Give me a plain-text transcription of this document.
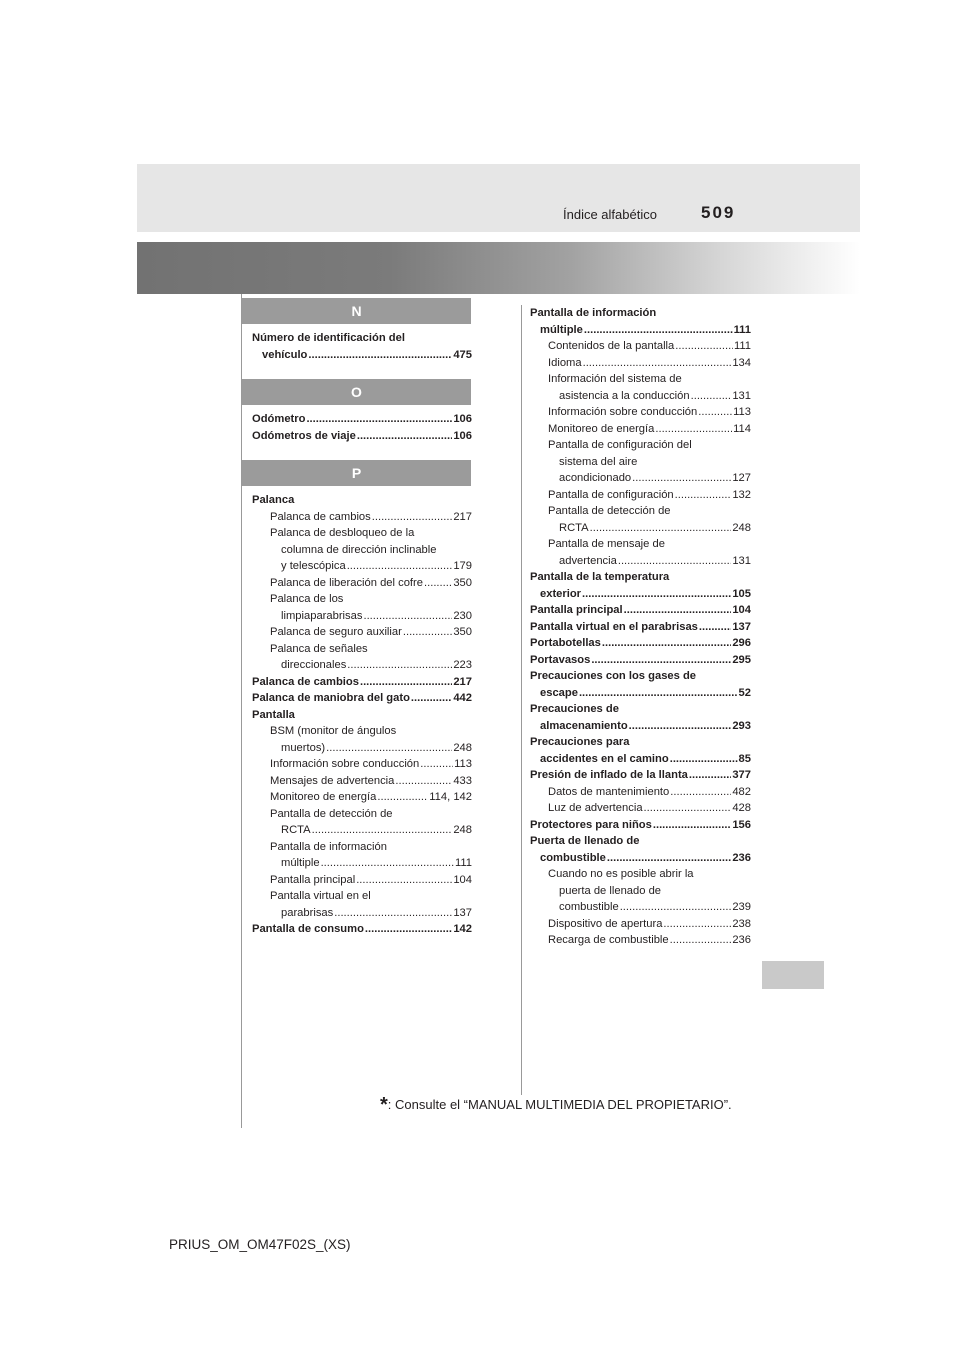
Índice alfabético	509
N
Número de identificación del
vehículo .....	475
O
Odómetro .....	106
Odómetros de viaje .....	106
P
Palanca
Palanca de cambios .....	217
Palanca de desbloqueo de la
columna de dirección inclinable
y telescópica .....	179
Palanca de liberación del cofre .....	350
Palanca de los
limpiaparabrisas .....	230
Palanca de seguro auxiliar .....	350
Palanca de señales
direccionales .....	223
Palanca de cambios .....	217
Palanca de maniobra del gato .....	442
Pantalla
BSM (monitor de ángulos
muertos) .....	248
Información sobre conducción .....	113
Mensajes de advertencia .....	433
Monitoreo de energía .....	114, 142
Pantalla de detección de
RCTA .....	248
Pantalla de información
múltiple .....	111
Pantalla principal .....	104
Pantalla virtual en el
parabrisas .....	137
Pantalla de consumo .....	142
Pantalla de información
múltiple .....	111
Contenidos de la pantalla .....	111
Idioma .....	134
Información del sistema de
asistencia a la conducción .....	131
Información sobre conducción .....	113
Monitoreo de energía .....	114
Pantalla de configuración del
sistema del aire
acondicionado .....	127
Pantalla de configuración .....	132
Pantalla de detección de
RCTA .....	248
Pantalla de mensaje de
advertencia .....	131
Pantalla de la temperatura
exterior .....	105
Pantalla principal .....	104
Pantalla virtual en el parabrisas .....	137
Portabotellas .....	296
Portavasos .....	295
Precauciones con los gases de
escape .....	52
Precauciones de
almacenamiento .....	293
Precauciones para
accidentes en el camino .....	85
Presión de inflado de la llanta .....	377
Datos de mantenimiento .....	482
Luz de advertencia .....	428
Protectores para niños .....	156
Puerta de llenado de
combustible .....	236
Cuando no es posible abrir la
puerta de llenado de
combustible .....	239
Dispositivo de apertura .....	238
Recarga de combustible .....	236
*: Consulte el “MANUAL MULTIMEDIA DEL PROPIETARIO”.
PRIUS_OM_OM47F02S_(XS)
